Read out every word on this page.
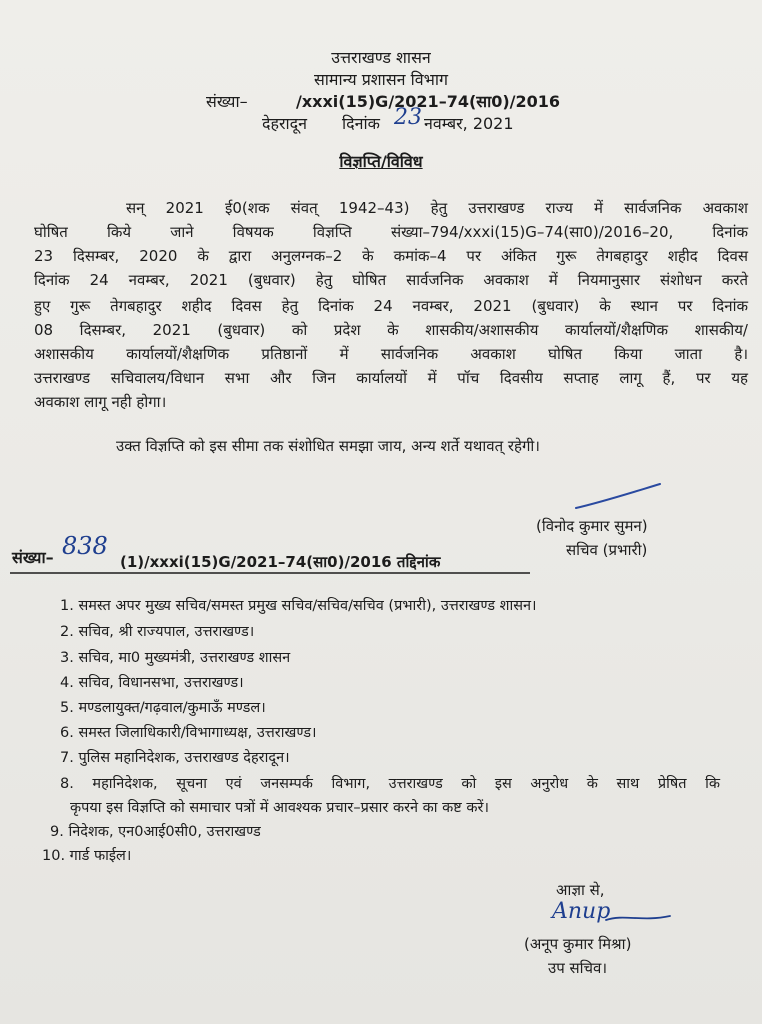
उत्तराखण्ड शासन
सामान्य प्रशासन विभाग
संख्या–	/xxxi(15)G/2021–74(सा0)/2016
देहरादून दिनांक 23 नवम्बर, 2021
विज्ञप्ति/विविध
सन् 2021 ई0(शक संवत् 1942–43) हेतु उत्तराखण्ड राज्य में सार्वजनिक अवकाश
घोषित किये जाने विषयक विज्ञप्ति संख्या–794/xxxi(15)G–74(सा0)/2016–20, दिनांक
23 दिसम्बर, 2020 के द्वारा अनुलग्नक–2 के कमांक–4 पर अंकित गुरू तेगबहादुर शहीद दिवस
दिनांक 24 नवम्बर, 2021 (बुधवार) हेतु घोषित सार्वजनिक अवकाश में नियमानुसार संशोधन करते
हुए गुरू तेगबहादुर शहीद दिवस हेतु दिनांक 24 नवम्बर, 2021 (बुधवार) के स्थान पर दिनांक
08 दिसम्बर, 2021 (बुधवार) को प्रदेश के शासकीय/अशासकीय कार्यालयों/शैक्षणिक शासकीय/
अशासकीय कार्यालयों/शैक्षणिक प्रतिष्ठानों में सार्वजनिक अवकाश घोषित किया जाता है।
उत्तराखण्ड सचिवालय/विधान सभा और जिन कार्यालयों में पॉच दिवसीय सप्ताह लागू हैं, पर यह
अवकाश लागू नही होगा।
उक्त विज्ञप्ति को इस सीमा तक संशोधित समझा जाय, अन्य शर्ते यथावत् रहेगी।
(विनोद कुमार सुमन)
सचिव (प्रभारी)
संख्या– 838
(1)/xxxi(15)G/2021–74(सा0)/2016 तद्दिनांक
1. समस्त अपर मुख्य सचिव/समस्त प्रमुख सचिव/सचिव/सचिव (प्रभारी), उत्तराखण्ड शासन।
2. सचिव, श्री राज्यपाल, उत्तराखण्ड।
3. सचिव, मा0 मुख्यमंत्री, उत्तराखण्ड शासन
4. सचिव, विधानसभा, उत्तराखण्ड।
5. मण्डलायुक्त/गढ़वाल/कुमाऊँ मण्डल।
6. समस्त जिलाधिकारी/विभागाध्यक्ष, उत्तराखण्ड।
7. पुलिस महानिदेशक, उत्तराखण्ड देहरादून।
8. महानिदेशक, सूचना एवं जनसम्पर्क विभाग, उत्तराखण्ड को इस अनुरोध के साथ प्रेषित कि
कृपया इस विज्ञप्ति को समाचार पत्रों में आवश्यक प्रचार–प्रसार करने का कष्ट करें।
9. निदेशक, एन0आई0सी0, उत्तराखण्ड
10. गार्ड फाईल।
आज्ञा से,
Anup
(अनूप कुमार मिश्रा)
उप सचिव।
